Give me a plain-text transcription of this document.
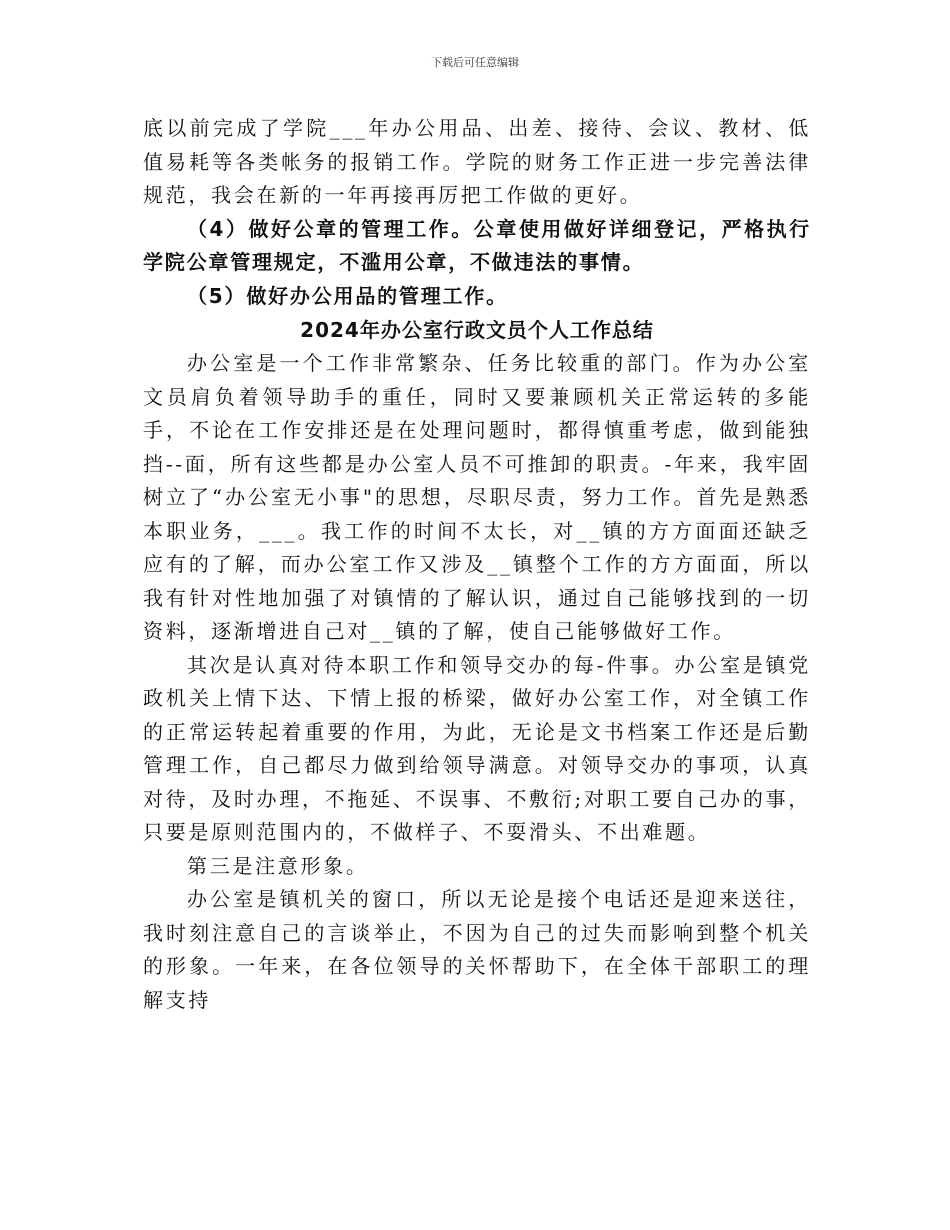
下载后可任意编辑

底以前完成了学院___年办公用品、出差、接待、会议、教材、低值易耗等各类帐务的报销工作。学院的财务工作正进一步完善法律规范，我会在新的一年再接再厉把工作做的更好。

（4）做好公章的管理工作。公章使用做好详细登记，严格执行学院公章管理规定，不滥用公章，不做违法的事情。

（5）做好办公用品的管理工作。

2024年办公室行政文员个人工作总结

办公室是一个工作非常繁杂、任务比较重的部门。作为办公室文员肩负着领导助手的重任，同时又要兼顾机关正常运转的多能手，不论在工作安排还是在处理问题时，都得慎重考虑，做到能独挡--面，所有这些都是办公室人员不可推卸的职责。-年来，我牢固树立了“办公室无小事"的思想，尽职尽责，努力工作。首先是熟悉本职业务，___。我工作的时间不太长，对__镇的方方面面还缺乏应有的了解，而办公室工作又涉及__镇整个工作的方方面面，所以我有针对性地加强了对镇情的了解认识，通过自己能够找到的一切资料，逐渐增进自己对__镇的了解，使自己能够做好工作。

其次是认真对待本职工作和领导交办的每-件事。办公室是镇党政机关上情下达、下情上报的桥梁，做好办公室工作，对全镇工作的正常运转起着重要的作用，为此，无论是文书档案工作还是后勤管理工作，自己都尽力做到给领导满意。对领导交办的事项，认真对待，及时办理，不拖延、不误事、不敷衍;对职工要自己办的事，只要是原则范围内的，不做样子、不耍滑头、不出难题。

第三是注意形象。

办公室是镇机关的窗口，所以无论是接个电话还是迎来送往，我时刻注意自己的言谈举止，不因为自己的过失而影响到整个机关的形象。一年来，在各位领导的关怀帮助下，在全体干部职工的理解支持
